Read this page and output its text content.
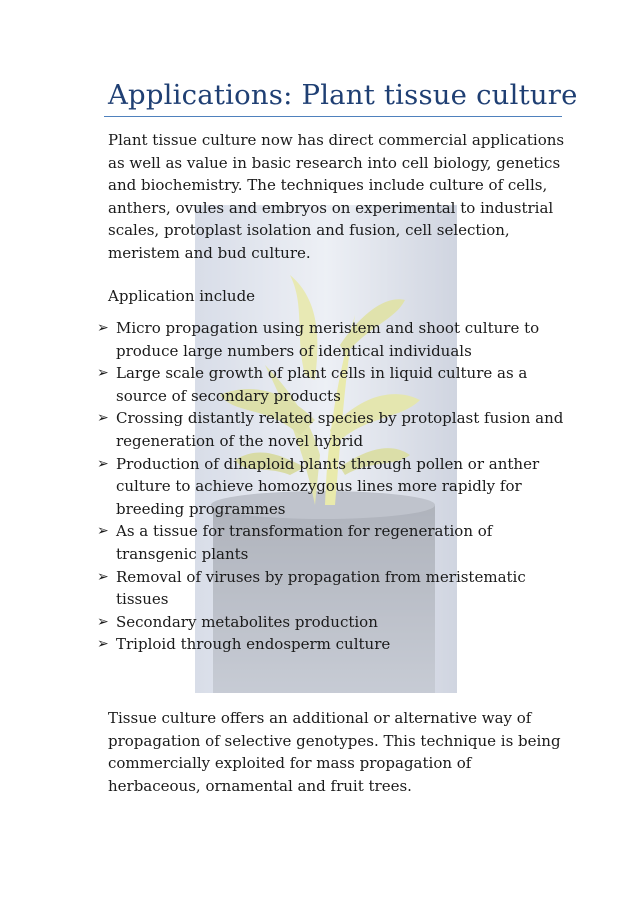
Applications: Plant tissue culture
Plant tissue culture now has direct commercial applications as well as value in basic research into cell biology, genetics and biochemistry. The techniques include culture of cells, anthers, ovules and embryos on experimental to industrial scales, protoplast isolation and fusion, cell selection, meristem and bud culture.
Application include
➢ Micro propagation using meristem and shoot culture to produce large numbers of identical individuals
➢ Large scale growth of plant cells in liquid culture as a source of secondary products
➢ Crossing distantly related species by protoplast fusion and regeneration of the novel hybrid
➢ Production of dihaploid plants through pollen or anther culture to achieve homozygous lines more rapidly for breeding programmes
➢ As a tissue for transformation for regeneration of transgenic plants
➢ Removal of viruses by propagation from meristematic tissues
➢ Secondary metabolites production
➢ Triploid through endosperm culture
Tissue culture offers an additional or alternative way of propagation of selective genotypes. This technique is being commercially exploited for mass propagation of herbaceous, ornamental and fruit trees.
